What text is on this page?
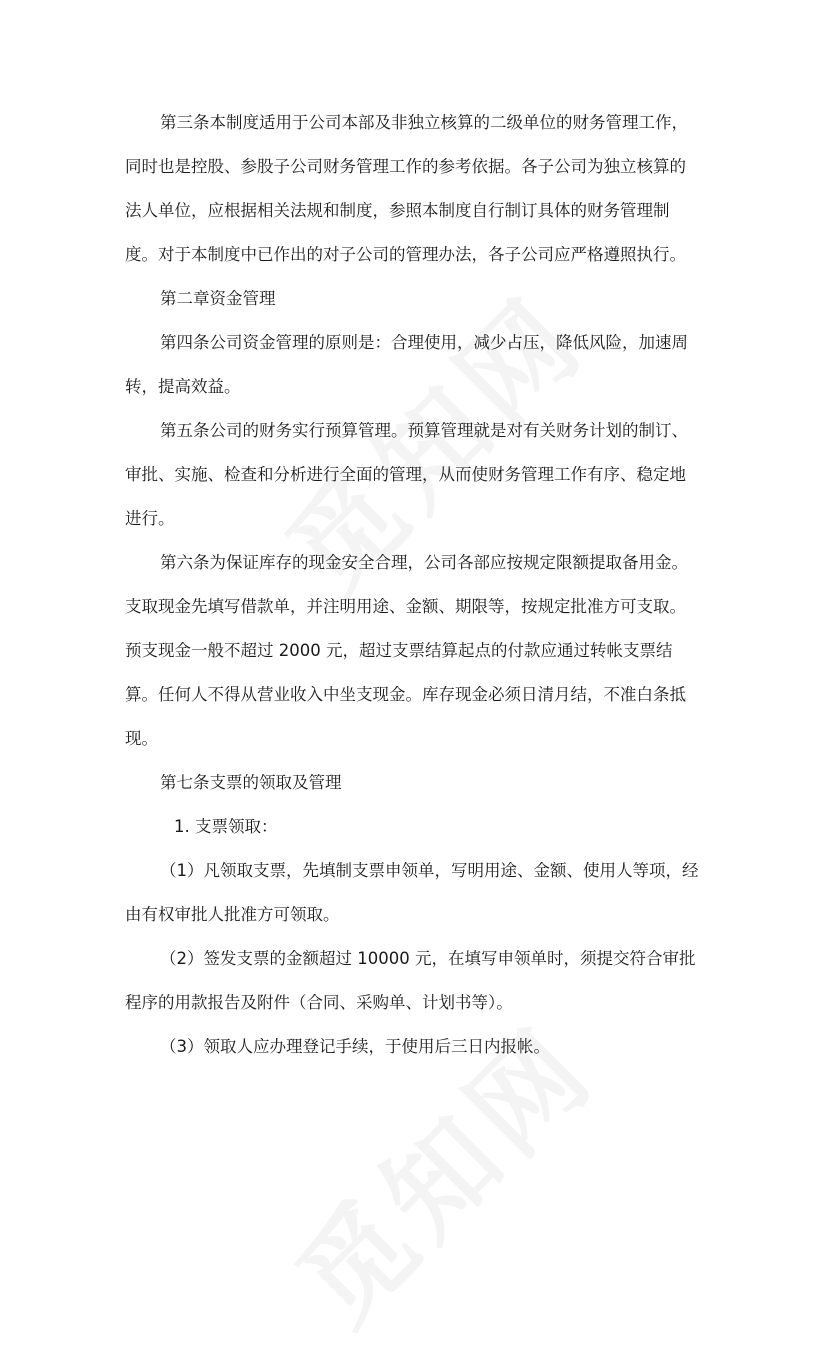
第三条本制度适用于公司本部及非独立核算的二级单位的财务管理工作，
同时也是控股、参股子公司财务管理工作的参考依据。各子公司为独立核算的
法人单位，应根据相关法规和制度，参照本制度自行制订具体的财务管理制
度。对于本制度中已作出的对子公司的管理办法，各子公司应严格遵照执行。
第二章资金管理
第四条公司资金管理的原则是：合理使用，减少占压，降低风险，加速周
转，提高效益。
第五条公司的财务实行预算管理。预算管理就是对有关财务计划的制订、
审批、实施、检查和分析进行全面的管理，从而使财务管理工作有序、稳定地
进行。
第六条为保证库存的现金安全合理，公司各部应按规定限额提取备用金。
支取现金先填写借款单，并注明用途、金额、期限等，按规定批准方可支取。
预支现金一般不超过 2000 元，超过支票结算起点的付款应通过转帐支票结
算。任何人不得从营业收入中坐支现金。库存现金必须日清月结，不准白条抵
现。
第七条支票的领取及管理
1. 支票领取：
（1）凡领取支票，先填制支票申领单，写明用途、金额、使用人等项，经
由有权审批人批准方可领取。
（2）签发支票的金额超过 10000 元，在填写申领单时，须提交符合审批
程序的用款报告及附件（合同、采购单、计划书等）。
（3）领取人应办理登记手续，于使用后三日内报帐。
